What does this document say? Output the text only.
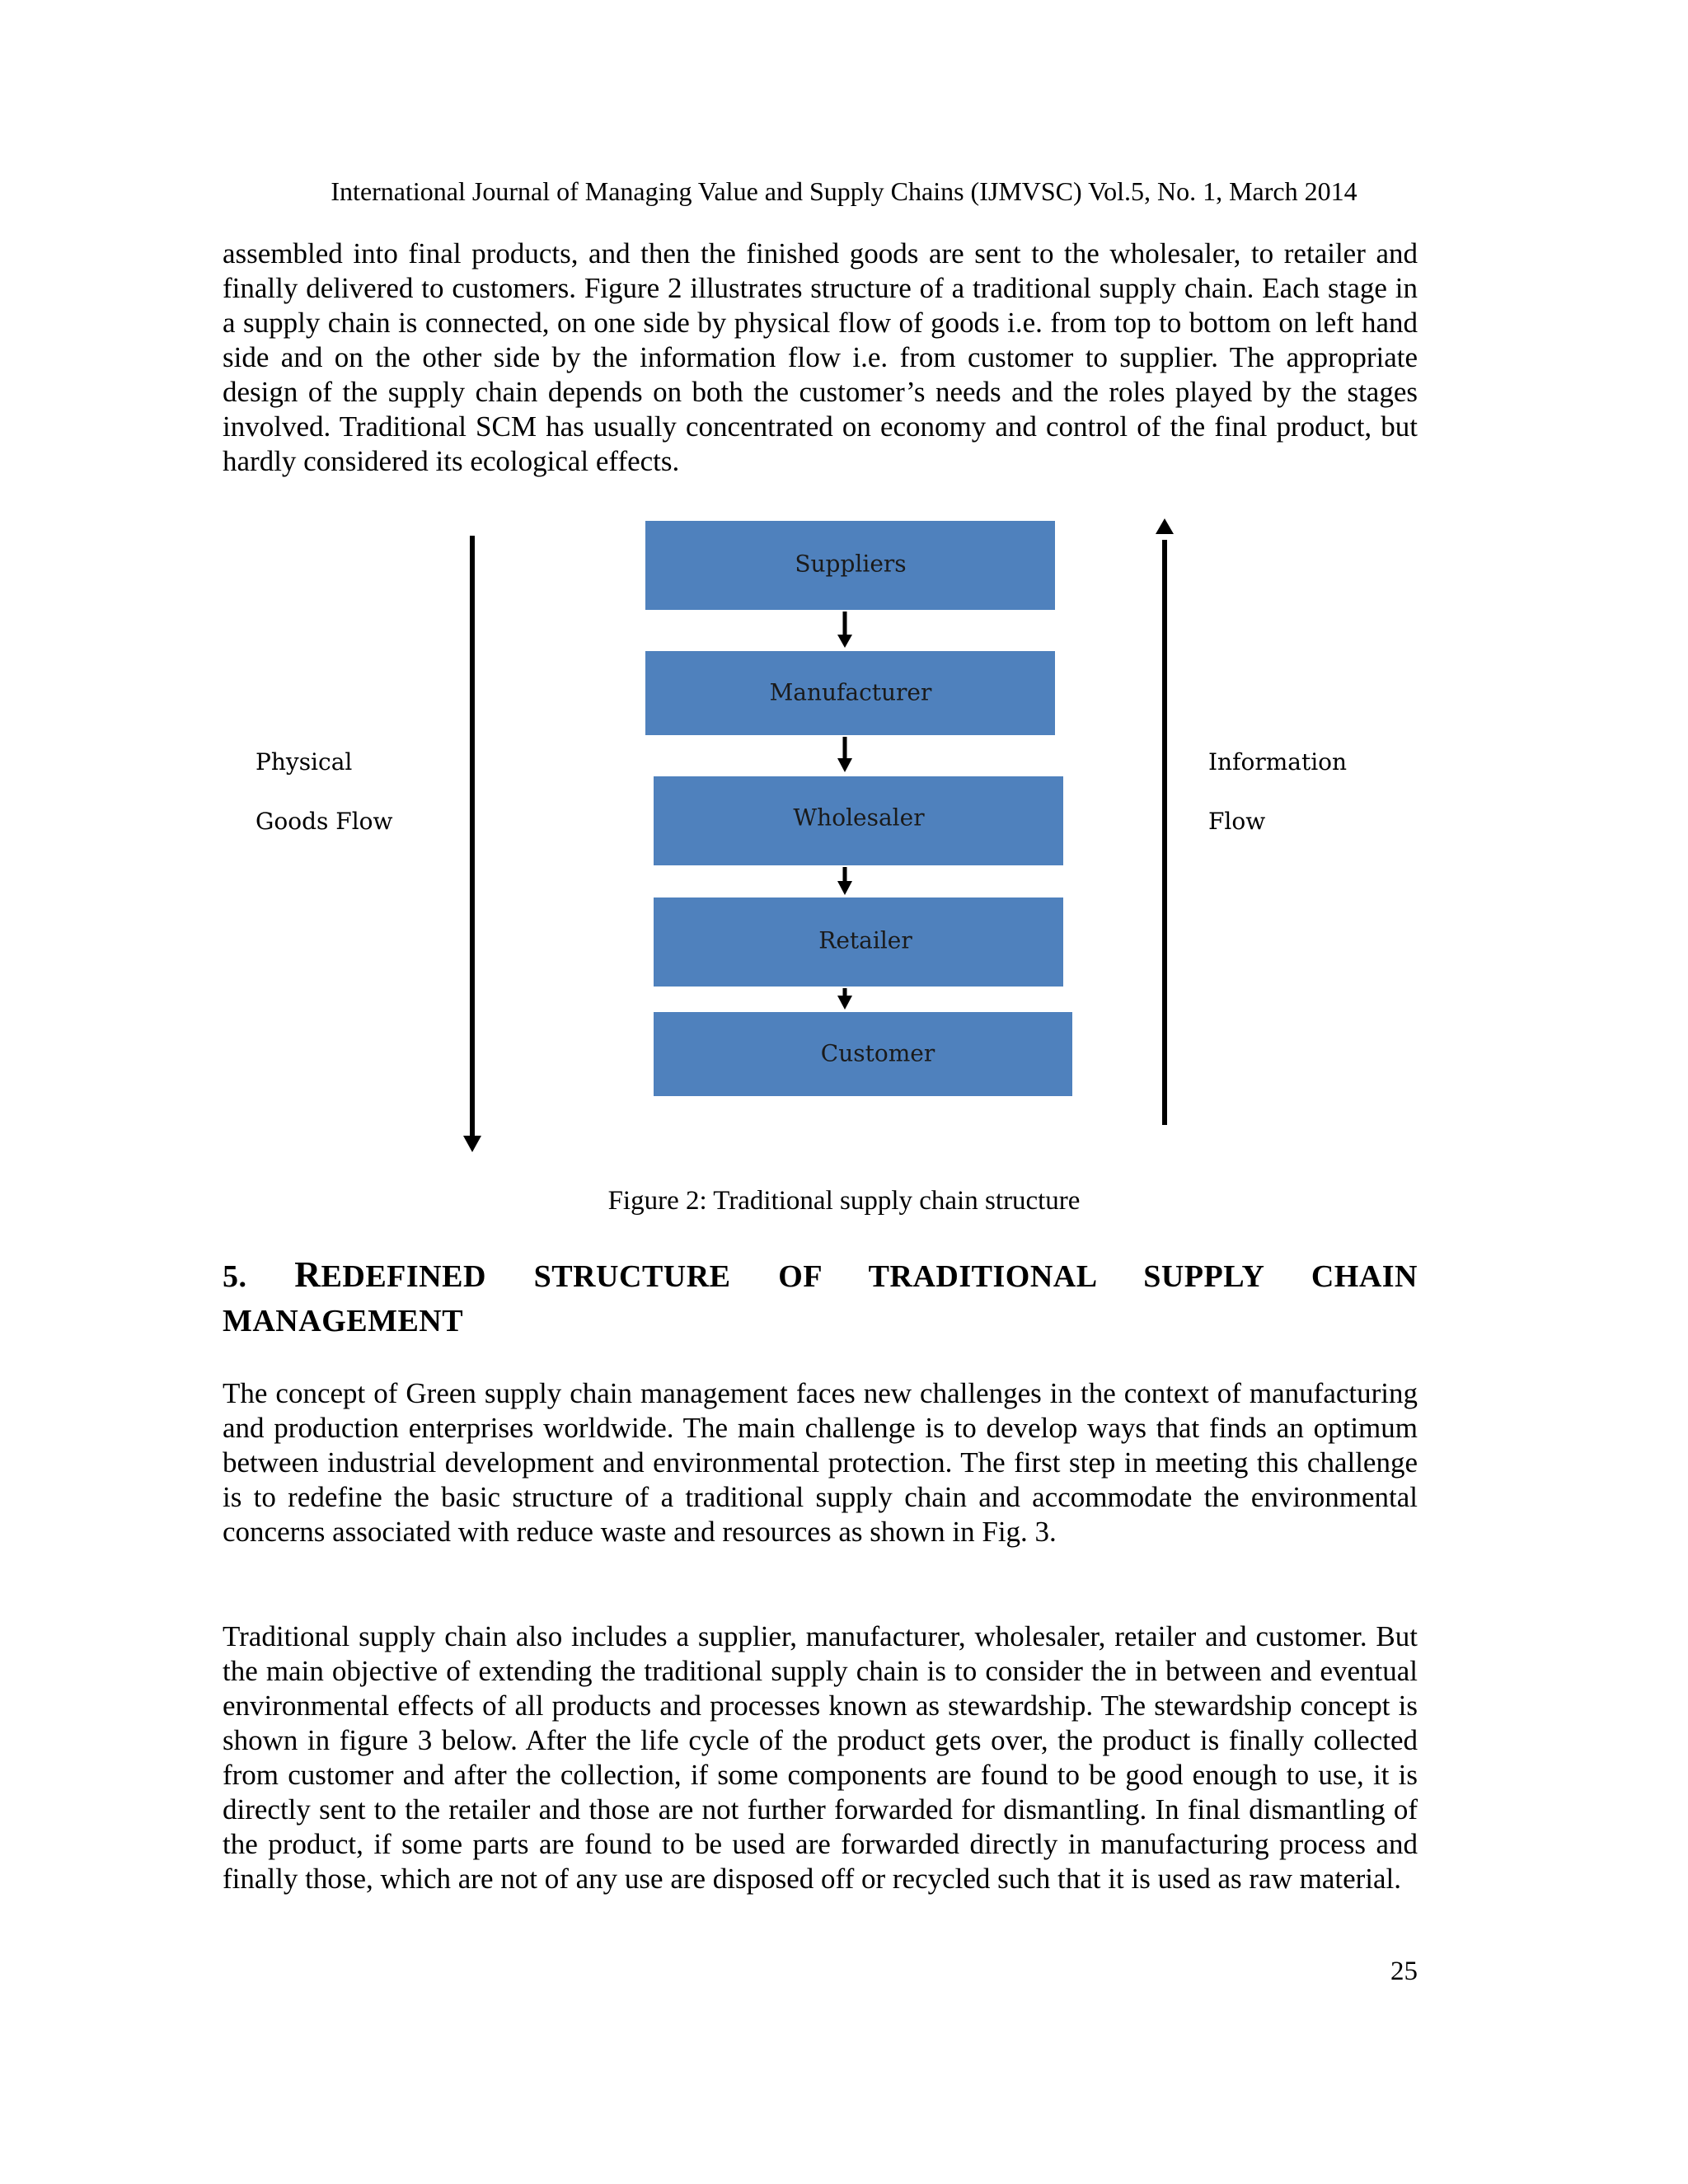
International Journal of Managing Value and Supply Chains (IJMVSC) Vol.5, No. 1, March 2014

assembled into final products, and then the finished goods are sent to the wholesaler, to retailer and finally delivered to customers. Figure 2 illustrates structure of a traditional supply chain. Each stage in a supply chain is connected, on one side by physical flow of goods i.e. from top to bottom on left hand side and on the other side by the information flow i.e. from customer to supplier. The appropriate design of the supply chain depends on both the customer’s needs and the roles played by the stages involved. Traditional SCM has usually concentrated on economy and control of the final product, but hardly considered its ecological effects.

Suppliers
Manufacturer
Wholesaler
Retailer
Customer
Physical
Goods Flow
Information
Flow
Figure 2: Traditional supply chain structure
5. REDEFINED STRUCTURE OF TRADITIONAL SUPPLY CHAIN MANAGEMENT

The concept of Green supply chain management faces new challenges in the context of manufacturing and production enterprises worldwide. The main challenge is to develop ways that finds an optimum between industrial development and environmental protection. The first step in meeting this challenge is to redefine the basic structure of a traditional supply chain and accommodate the environmental concerns associated with reduce waste and resources as shown in Fig. 3.

Traditional supply chain also includes a supplier, manufacturer, wholesaler, retailer and customer. But the main objective of extending the traditional supply chain is to consider the in between and eventual environmental effects of all products and processes known as stewardship. The stewardship concept is shown in figure 3 below. After the life cycle of the product gets over, the product is finally collected from customer and after the collection, if some components are found to be good enough to use, it is directly sent to the retailer and those are not further forwarded for dismantling. In final dismantling of the product, if some parts are found to be used are forwarded directly in manufacturing process and finally those, which are not of any use are disposed off or recycled such that it is used as raw material.

25
